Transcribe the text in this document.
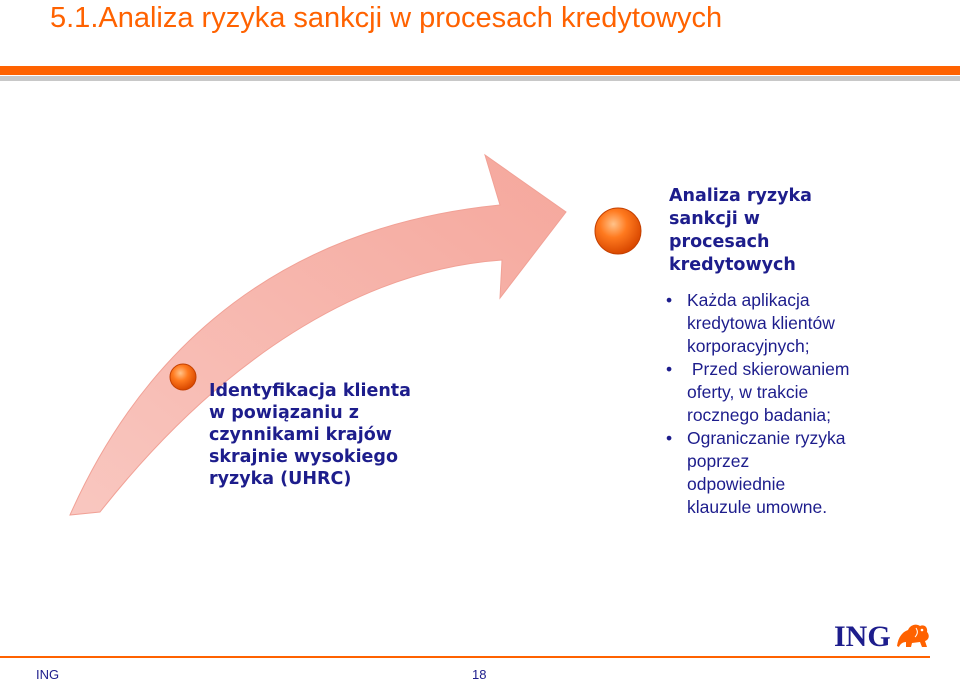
5.1.Analiza ryzyka sankcji w procesach kredytowych
Identyfikacja klienta
w powiązaniu z
czynnikami krajów
skrajnie wysokiego
ryzyka (UHRC)
Analiza ryzyka
sankcji w
procesach
kredytowych
• Każda aplikacja
kredytowa klientów
korporacyjnych;
• Przed skierowaniem
oferty, w trakcie
rocznego badania;
• Ograniczanie ryzyka
poprzez
odpowiednie
klauzule umowne.
ING
ING	18
